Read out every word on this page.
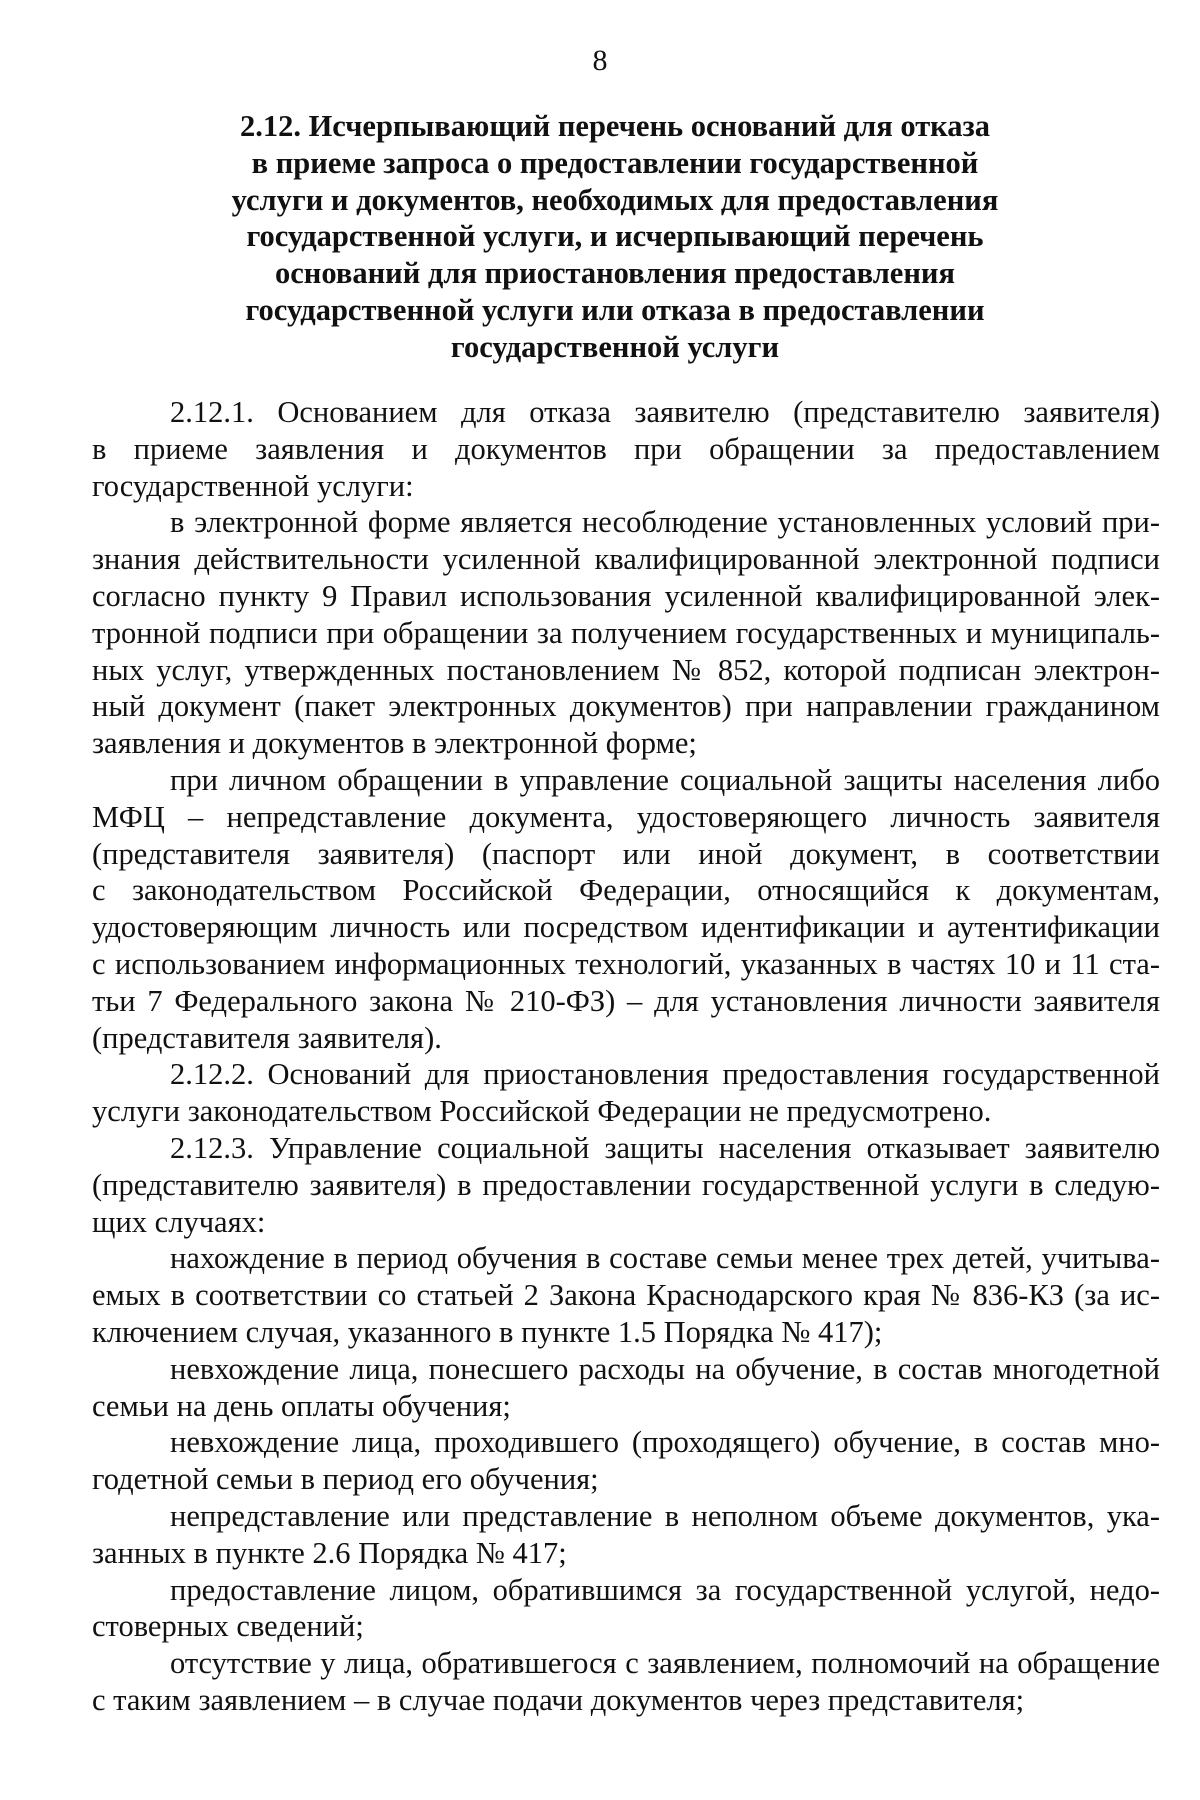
8
2.12. Исчерпывающий перечень оснований для отказа
в приеме запроса о предоставлении государственной
услуги и документов, необходимых для предоставления
государственной услуги, и исчерпывающий перечень
оснований для приостановления предоставления
государственной услуги или отказа в предоставлении
государственной услуги
2.12.1. Основанием для отказа заявителю (представителю заявителя)
в приеме заявления и документов при обращении за предоставлением
государственной услуги:
в электронной форме является несоблюдение установленных условий при-
знания действительности усиленной квалифицированной электронной подписи
согласно пункту 9 Правил использования усиленной квалифицированной элек-
тронной подписи при обращении за получением государственных и муниципаль-
ных услуг, утвержденных постановлением № 852, которой подписан электрон-
ный документ (пакет электронных документов) при направлении гражданином
заявления и документов в электронной форме;
при личном обращении в управление социальной защиты населения либо
МФЦ – непредставление документа, удостоверяющего личность заявителя
(представителя заявителя) (паспорт или иной документ, в соответствии
с законодательством Российской Федерации, относящийся к документам,
удостоверяющим личность или посредством идентификации и аутентификации
с использованием информационных технологий, указанных в частях 10 и 11 ста-
тьи 7 Федерального закона № 210-ФЗ) – для установления личности заявителя
(представителя заявителя).
2.12.2. Оснований для приостановления предоставления государственной
услуги законодательством Российской Федерации не предусмотрено.
2.12.3. Управление социальной защиты населения отказывает заявителю
(представителю заявителя) в предоставлении государственной услуги в следую-
щих случаях:
нахождение в период обучения в составе семьи менее трех детей, учитыва-
емых в соответствии со статьей 2 Закона Краснодарского края № 836-КЗ (за ис-
ключением случая, указанного в пункте 1.5 Порядка № 417);
невхождение лица, понесшего расходы на обучение, в состав многодетной
семьи на день оплаты обучения;
невхождение лица, проходившего (проходящего) обучение, в состав мно-
годетной семьи в период его обучения;
непредставление или представление в неполном объеме документов, ука-
занных в пункте 2.6 Порядка № 417;
предоставление лицом, обратившимся за государственной услугой, недо-
стоверных сведений;
отсутствие у лица, обратившегося с заявлением, полномочий на обращение
с таким заявлением – в случае подачи документов через представителя;
